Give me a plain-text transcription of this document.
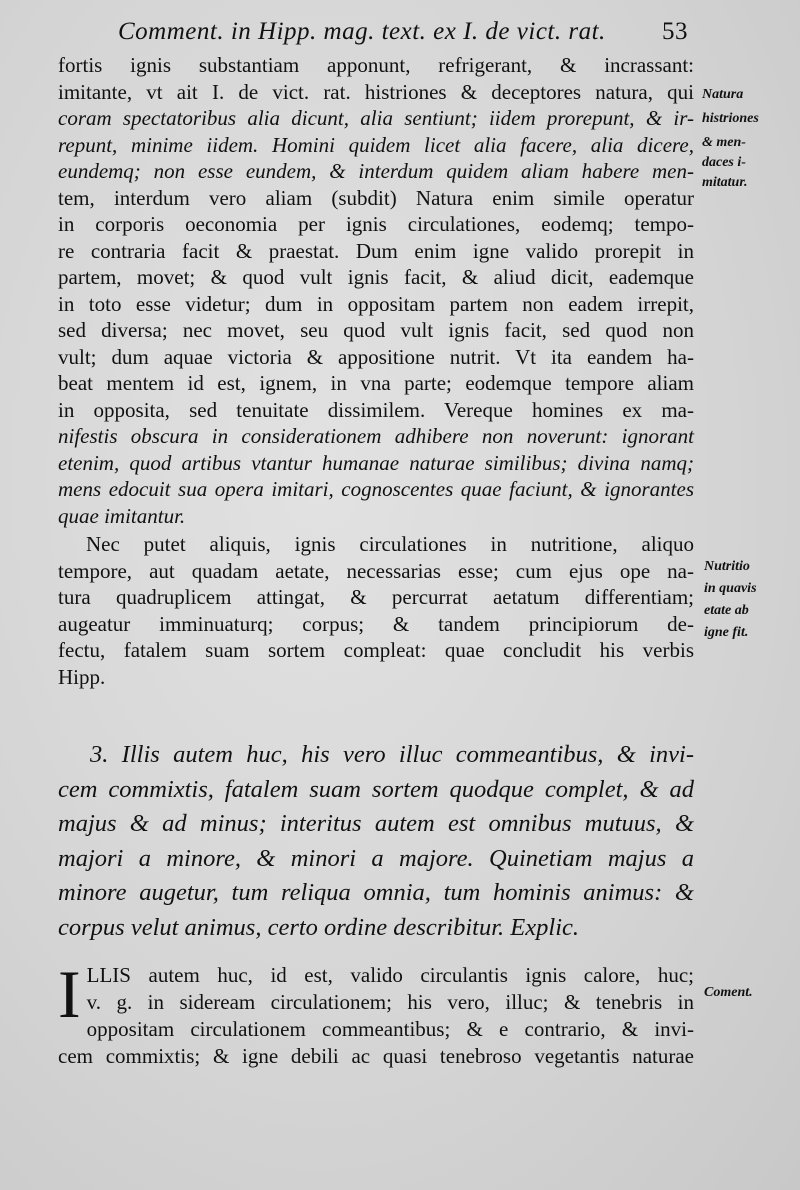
Comment. in Hipp. mag. text. ex I. de vict. rat. 53
fortis ignis substantiam apponunt, refrigerant, & incrassant:
imitante, vt ait I. de vict. rat. histriones & deceptores natura, qui
coram spectatoribus alia dicunt, alia sentiunt; iidem prorepunt, & ir-
repunt, minime iidem. Homini quidem licet alia facere, alia dicere,
eundemq; non esse eundem, & interdum quidem aliam habere men-
tem, interdum vero aliam (subdit) Natura enim simile operatur
in corporis oeconomia per ignis circulationes, eodemq; tempo-
re contraria facit & praestat. Dum enim igne valido prorepit in
partem, movet; & quod vult ignis facit, & aliud dicit, eademque
in toto esse videtur; dum in oppositam partem non eadem irrepit,
sed diversa; nec movet, seu quod vult ignis facit, sed quod non
vult; dum aquae victoria & appositione nutrit. Vt ita eandem ha-
beat mentem id est, ignem, in vna parte; eodemque tempore aliam
in opposita, sed tenuitate dissimilem. Vereque homines ex ma-
nifestis obscura in considerationem adhibere non noverunt: ignorant
etenim, quod artibus vtantur humanae naturae similibus; divina namq;
mens edocuit sua opera imitari, cognoscentes quae faciunt, & ignorantes
quae imitantur.
Nec putet aliquis, ignis circulationes in nutritione, aliquo
tempore, aut quadam aetate, necessarias esse; cum ejus ope na-
tura quadruplicem attingat, & percurrat aetatum differentiam;
augeatur imminuaturq; corpus; & tandem principiorum de-
fectu, fatalem suam sortem compleat: quae concludit his verbis
Hipp.
3. Illis autem huc, his vero illuc commeantibus, & invi-
cem commixtis, fatalem suam sortem quodque complet, & ad
majus & ad minus; interitus autem est omnibus mutuus, &
majori a minore, & minori a majore. Quinetiam majus a
minore augetur, tum reliqua omnia, tum hominis animus: &
corpus velut animus, certo ordine describitur. Explic.
I LLIS autem huc, id est, valido circulantis ignis calore, huc;
v. g. in sideream circulationem; his vero, illuc; & tenebris in
oppositam circulationem commeantibus; & e contrario, & invi-
cem commixtis; & igne debili ac quasi tenebroso vegetantis naturae
Natura
histriones
& men-
daces i-
mitatur.
Nutritio
in quavis
etate ab
igne fit.
Coment.
